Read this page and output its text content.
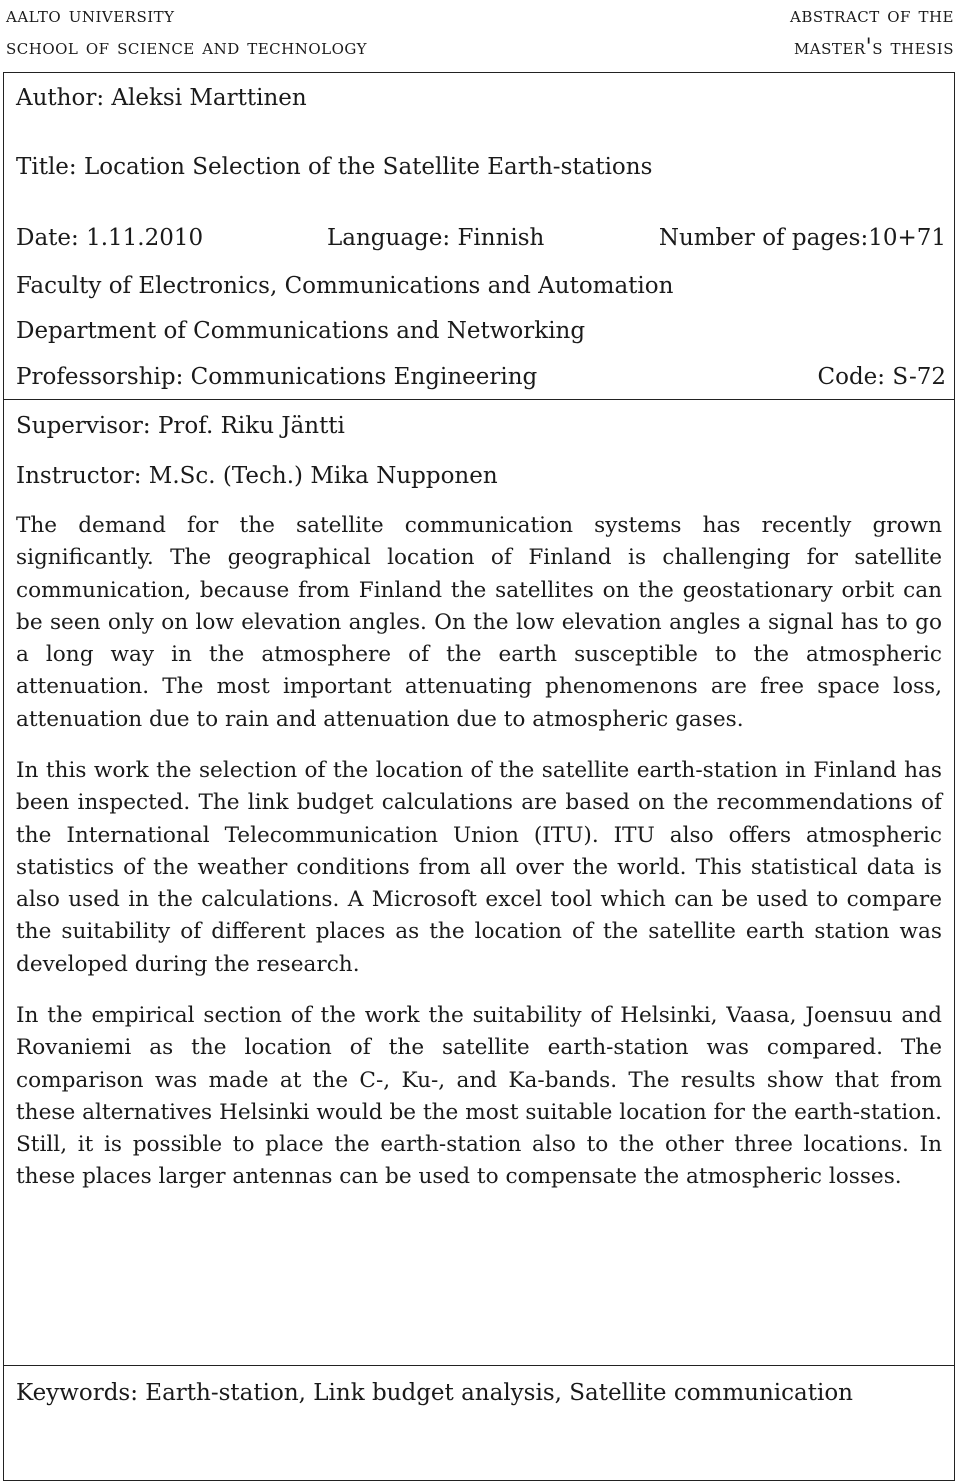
aalto university
school of science and technology
abstract of the
master's thesis
Author: Aleksi Marttinen
Title: Location Selection of the Satellite Earth-stations
Date: 1.11.2010	Language: Finnish	Number of pages:10+71
Faculty of Electronics, Communications and Automation
Department of Communications and Networking
Professorship: Communications Engineering	Code: S-72
Supervisor: Prof. Riku Jäntti
Instructor: M.Sc. (Tech.) Mika Nupponen

The demand for the satellite communication systems has recently grown significantly. The geographical location of Finland is challenging for satellite communication, because from Finland the satellites on the geostationary orbit can be seen only on low elevation angles. On the low elevation angles a signal has to go a long way in the atmosphere of the earth susceptible to the atmospheric attenuation. The most important attenuating phenomenons are free space loss, attenuation due to rain and attenuation due to atmospheric gases.

In this work the selection of the location of the satellite earth-station in Finland has been inspected. The link budget calculations are based on the recommendations of the International Telecommunication Union (ITU). ITU also offers atmospheric statistics of the weather conditions from all over the world. This statistical data is also used in the calculations. A Microsoft excel tool which can be used to compare the suitability of different places as the location of the satellite earth station was developed during the research.

In the empirical section of the work the suitability of Helsinki, Vaasa, Joensuu and Rovaniemi as the location of the satellite earth-station was compared. The comparison was made at the C-, Ku-, and Ka-bands. The results show that from these alternatives Helsinki would be the most suitable location for the earth-station. Still, it is possible to place the earth-station also to the other three locations. In these places larger antennas can be used to compensate the atmospheric losses.

Keywords: Earth-station, Link budget analysis, Satellite communication
